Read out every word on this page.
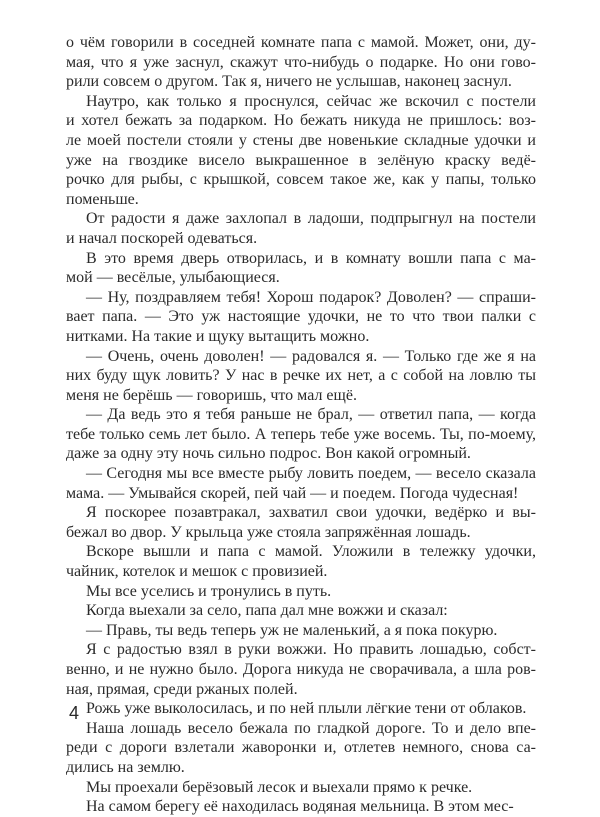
о чём говорили в соседней комнате папа с мамой. Может, они, ду-
мая, что я уже заснул, скажут что-нибудь о подарке. Но они гово-
рили совсем о другом. Так я, ничего не услышав, наконец заснул.
Наутро, как только я проснулся, сейчас же вскочил с постели
и хотел бежать за подарком. Но бежать никуда не пришлось: воз-
ле моей постели стояли у стены две новенькие складные удочки и
уже на гвоздике висело выкрашенное в зелёную краску ведё-
рочко для рыбы, с крышкой, совсем такое же, как у папы, только
поменьше.
От радости я даже захлопал в ладоши, подпрыгнул на постели
и начал поскорей одеваться.
В это время дверь отворилась, и в комнату вошли папа с ма-
мой — весёлые, улыбающиеся.
— Ну, поздравляем тебя! Хорош подарок? Доволен? — спраши-
вает папа. — Это уж настоящие удочки, не то что твои палки с
нитками. На такие и щуку вытащить можно.
— Очень, очень доволен! — радовался я. — Только где же я на
них буду щук ловить? У нас в речке их нет, а с собой на ловлю ты
меня не берёшь — говоришь, что мал ещё.
— Да ведь это я тебя раньше не брал, — ответил папа, — когда
тебе только семь лет было. А теперь тебе уже восемь. Ты, по-моему,
даже за одну эту ночь сильно подрос. Вон какой огромный.
— Сегодня мы все вместе рыбу ловить поедем, — весело сказала
мама. — Умывайся скорей, пей чай — и поедем. Погода чудесная!
Я поскорее позавтракал, захватил свои удочки, ведёрко и вы-
бежал во двор. У крыльца уже стояла запряжённая лошадь.
Вскоре вышли и папа с мамой. Уложили в тележку удочки,
чайник, котелок и мешок с провизией.
Мы все уселись и тронулись в путь.
Когда выехали за село, папа дал мне вожжи и сказал:
— Правь, ты ведь теперь уж не маленький, а я пока покурю.
Я с радостью взял в руки вожжи. Но править лошадью, собст-
венно, и не нужно было. Дорога никуда не сворачивала, а шла ров-
ная, прямая, среди ржаных полей.
Рожь уже выколосилась, и по ней плыли лёгкие тени от облаков.
Наша лошадь весело бежала по гладкой дороге. То и дело впе-
реди с дороги взлетали жаворонки и, отлетев немного, снова са-
дились на землю.
Мы проехали берёзовый лесок и выехали прямо к речке.
На самом берегу её находилась водяная мельница. В этом мес-
4
